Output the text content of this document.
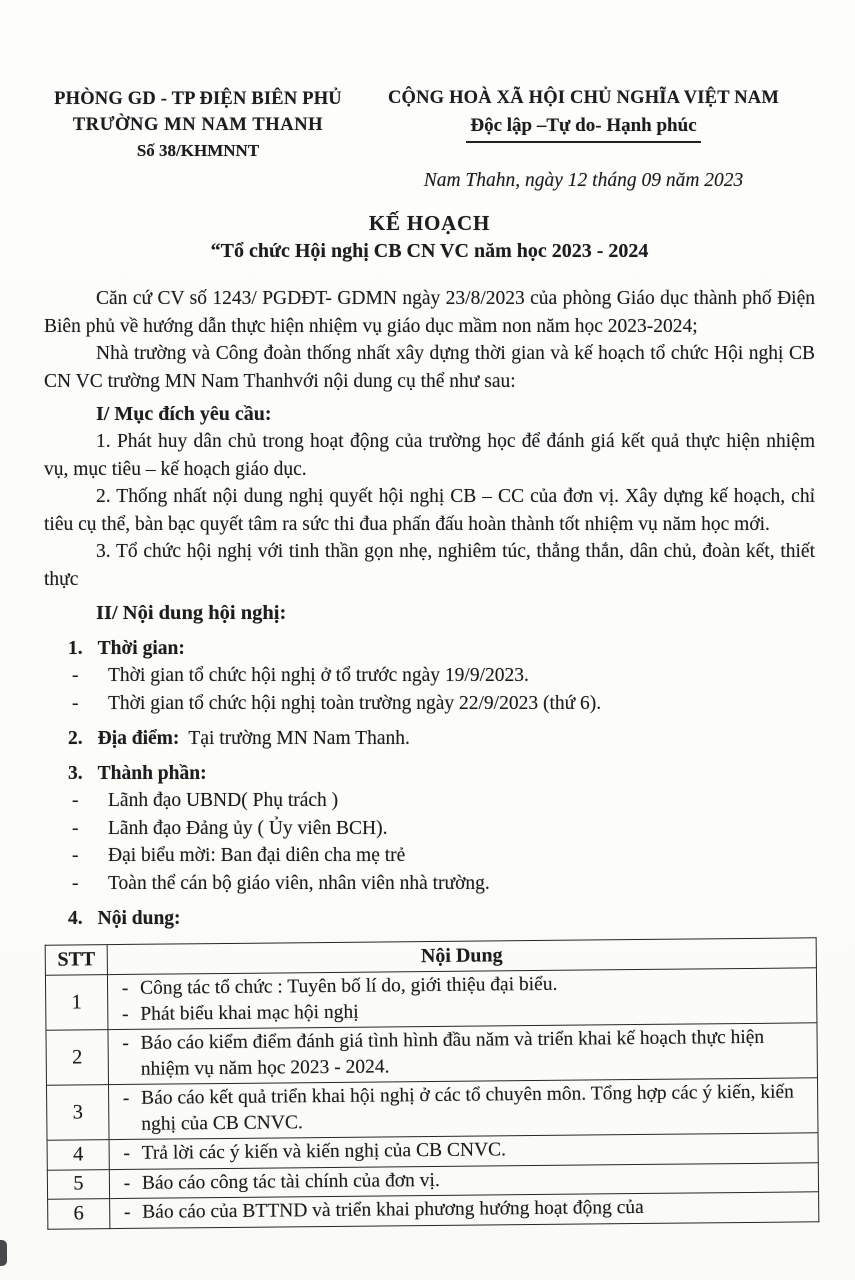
PHÒNG GD - TP ĐIỆN BIÊN PHỦ
TRƯỜNG MN NAM THANH
Số 38/KHMNNT
CỘNG HOÀ XÃ HỘI CHỦ NGHĨA VIỆT NAM
Độc lập –Tự do- Hạnh phúc
Nam Thahn, ngày 12 tháng 09 năm 2023
KẾ HOẠCH
“Tổ chức Hội nghị CB CN VC năm học 2023 - 2024

Căn cứ CV số 1243/ PGDĐT- GDMN ngày 23/8/2023 của phòng Giáo dục thành phố Điện Biên phủ về hướng dẫn thực hiện nhiệm vụ giáo dục mầm non năm học 2023-2024;

Nhà trường và Công đoàn thống nhất xây dựng thời gian và kế hoạch tổ chức Hội nghị CB CN VC trường MN Nam Thanhvới nội dung cụ thể như sau:

I/ Mục đích yêu cầu:

1. Phát huy dân chủ trong hoạt động của trường học để đánh giá kết quả thực hiện nhiệm vụ, mục tiêu – kế hoạch giáo dục.

2. Thống nhất nội dung nghị quyết hội nghị CB – CC của đơn vị. Xây dựng kế hoạch, chỉ tiêu cụ thể, bàn bạc quyết tâm ra sức thi đua phấn đấu hoàn thành tốt nhiệm vụ năm học mới.

3. Tổ chức hội nghị với tinh thần gọn nhẹ, nghiêm túc, thẳng thắn, dân chủ, đoàn kết, thiết thực

II/ Nội dung hội nghị:
1. Thời gian:
-	Thời gian tổ chức hội nghị ở tổ trước ngày 19/9/2023.
-	Thời gian tổ chức hội nghị toàn trường ngày 22/9/2023 (thứ 6).
2. Địa điểm: Tại trường MN Nam Thanh.
3. Thành phần:
-	Lãnh đạo UBND( Phụ trách )
-	Lãnh đạo Đảng ủy ( Ủy viên BCH).
-	Đại biểu mời: Ban đại diên cha mẹ trẻ
-	Toàn thể cán bộ giáo viên, nhân viên nhà trường.
4. Nội dung:
STT	Nội Dung
1	- Công tác tổ chức : Tuyên bố lí do, giới thiệu đại biểu.
- Phát biểu khai mạc hội nghị

2	- Báo cáo kiểm điểm đánh giá tình hình đầu năm và triển khai kế hoạch thực hiện nhiệm vụ năm học 2023 - 2024.

3	- Báo cáo kết quả triển khai hội nghị ở các tổ chuyên môn. Tổng hợp các ý kiến, kiến nghị của CB CNVC.

4	- Trả lời các ý kiến và kiến nghị của CB CNVC.

5	- Báo cáo công tác tài chính của đơn vị.

6	- Báo cáo của BTTND và triển khai phương hướng hoạt động của
